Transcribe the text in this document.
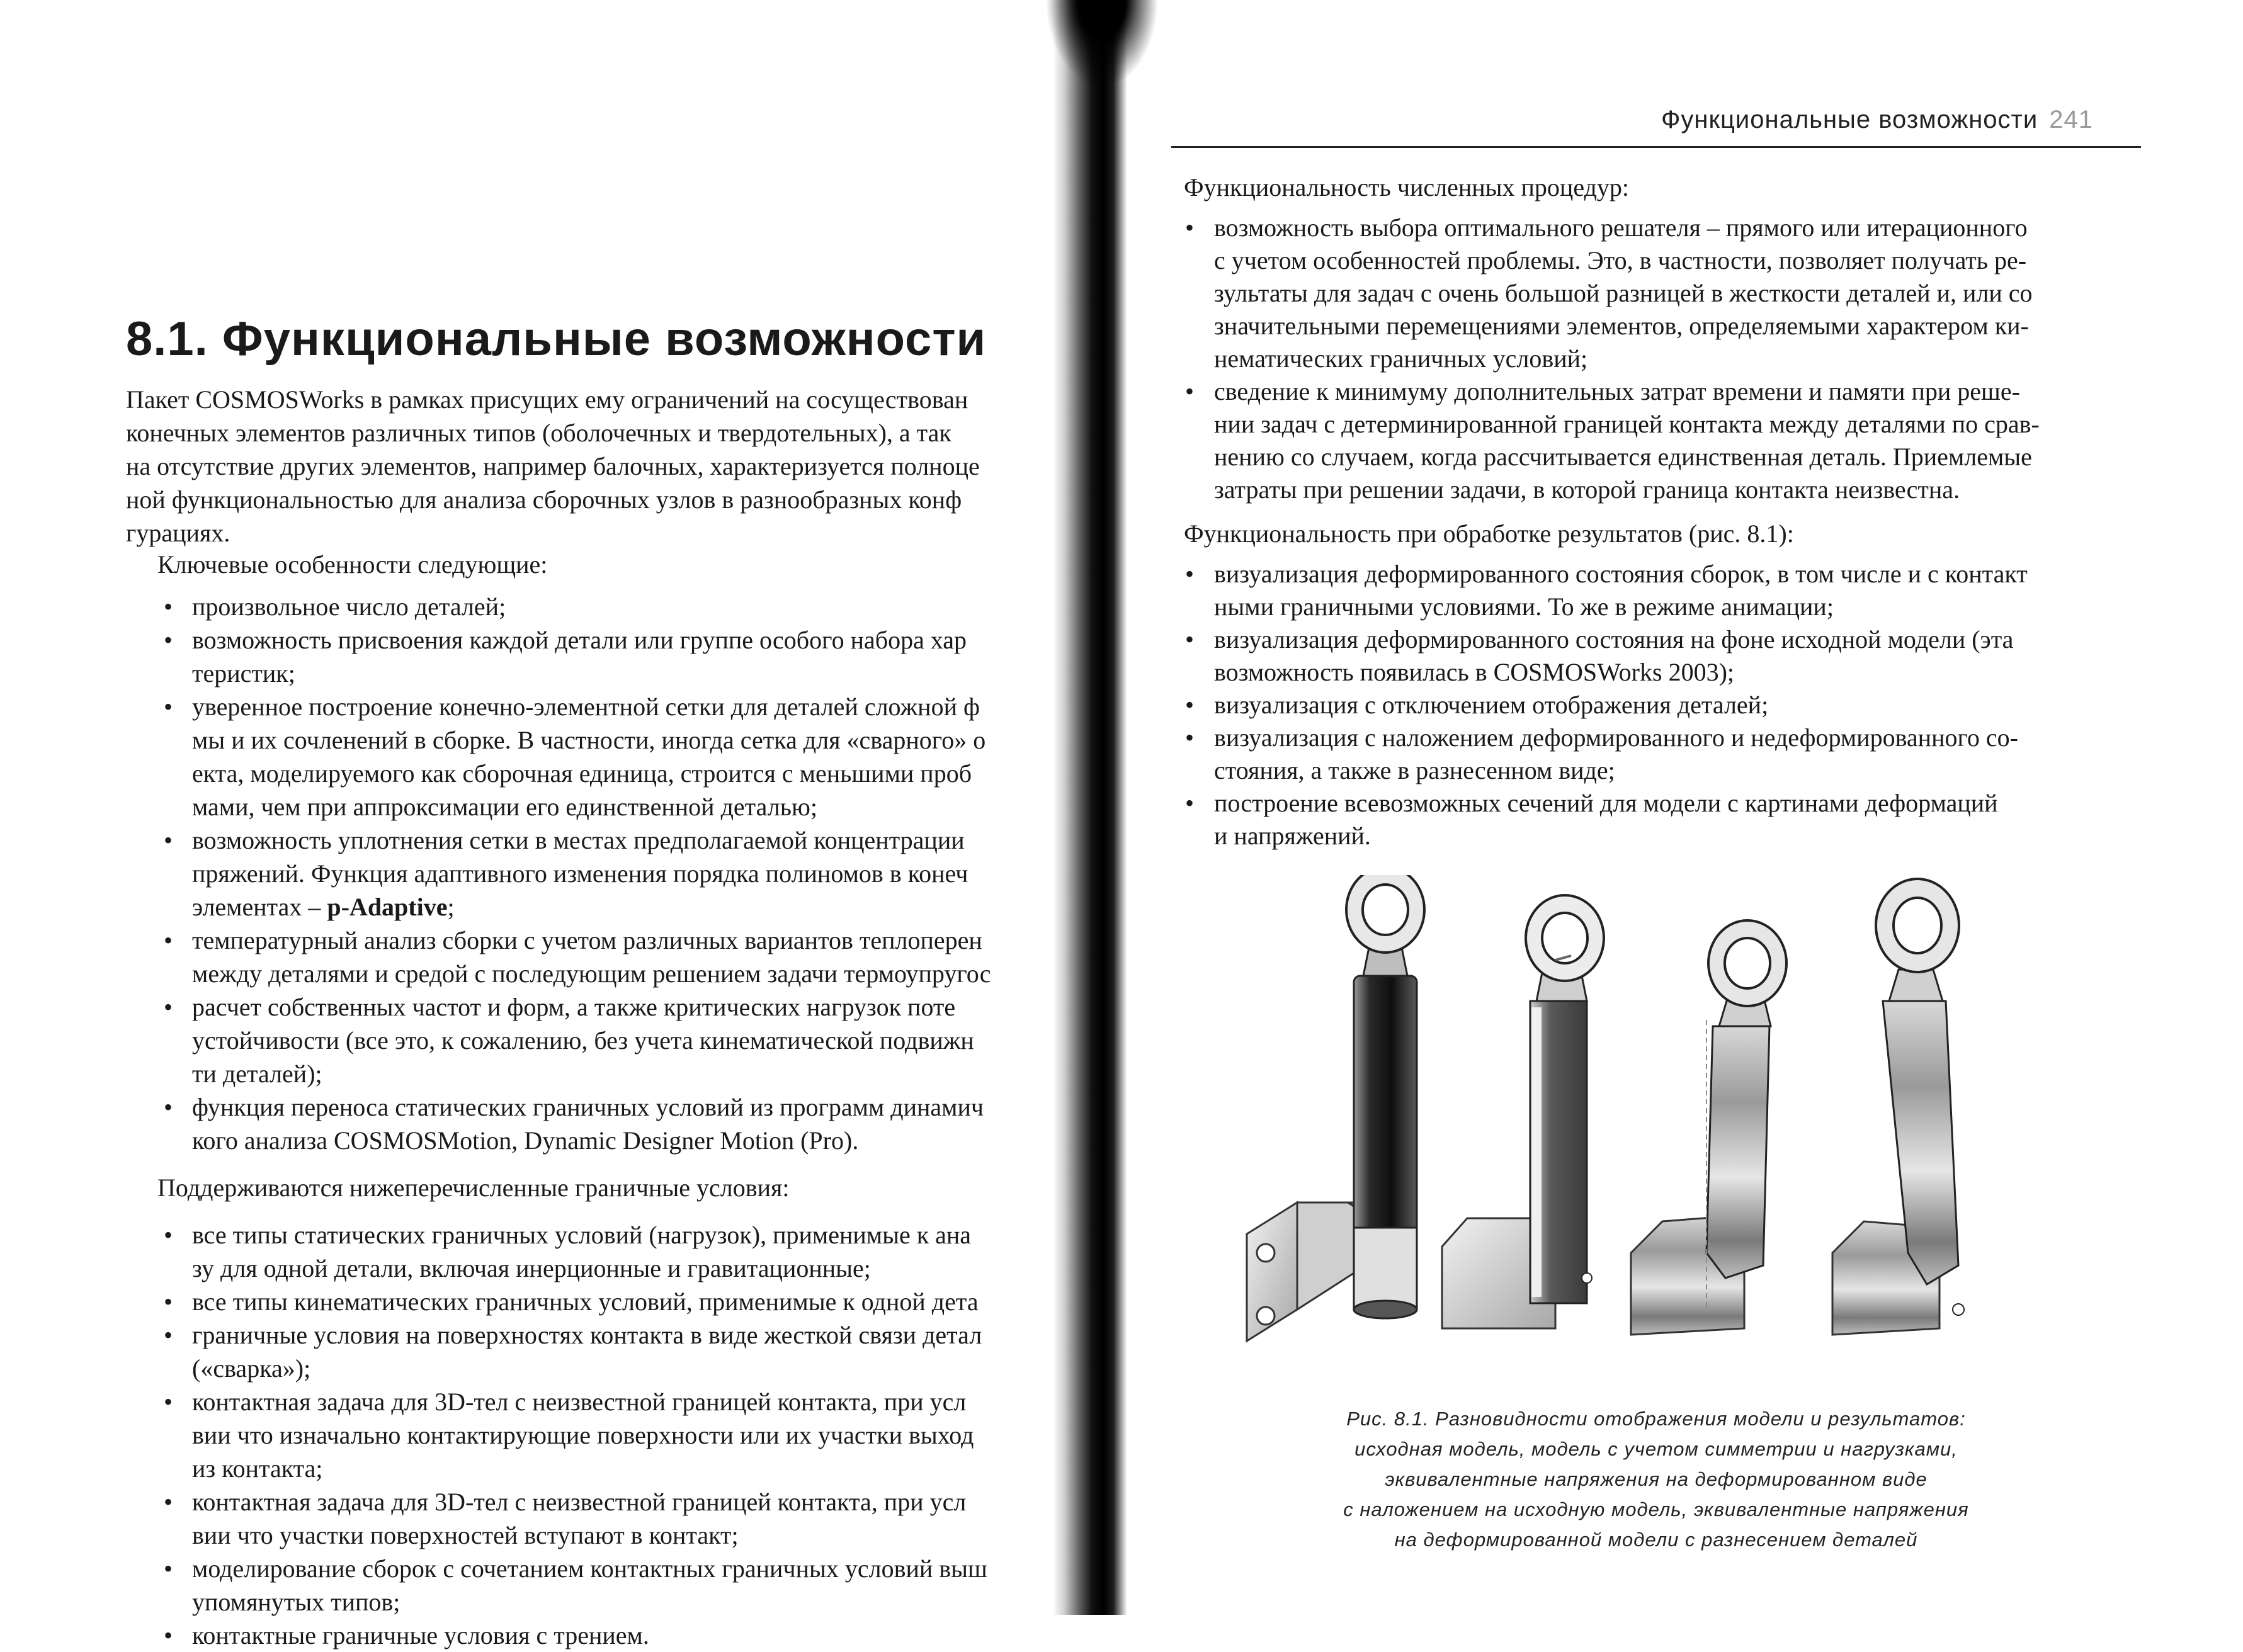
8.1. Функциональные возможности
Пакет COSMOSWorks в рамках присущих ему ограничений на сосуществован
конечных элементов различных типов (оболочечных и твердотельных), а так
на отсутствие других элементов, например балочных, характеризуется полноце
ной функциональностью для анализа сборочных узлов в разнообразных конф
гурациях.

Ключевые особенности следующие:

• произвольное число деталей;
• возможность присвоения каждой детали или группе особого набора хар
теристик;
• уверенное построение конечно-элементной сетки для деталей сложной ф
мы и их сочленений в сборке. В частности, иногда сетка для «сварного» о
екта, моделируемого как сборочная единица, строится с меньшими проб
мами, чем при аппроксимации его единственной деталью;
• возможность уплотнения сетки в местах предполагаемой концентрации
пряжений. Функция адаптивного изменения порядка полиномов в конеч
элементах – p-Adaptive;
• температурный анализ сборки с учетом различных вариантов теплоперен
между деталями и средой с последующим решением задачи термоупругос
• расчет собственных частот и форм, а также критических нагрузок поте
устойчивости (все это, к сожалению, без учета кинематической подвижн
ти деталей);
• функция переноса статических граничных условий из программ динамич
кого анализа COSMOSMotion, Dynamic Designer Motion (Pro).

Поддерживаются нижеперечисленные граничные условия:

• все типы статических граничных условий (нагрузок), применимые к ана
зу для одной детали, включая инерционные и гравитационные;
• все типы кинематических граничных условий, применимые к одной дета
• граничные условия на поверхностях контакта в виде жесткой связи детал
(«сварка»);
• контактная задача для 3D-тел с неизвестной границей контакта, при усл
вии что изначально контактирующие поверхности или их участки выход
из контакта;
• контактная задача для 3D-тел с неизвестной границей контакта, при усл
вии что участки поверхностей вступают в контакт;
• моделирование сборок с сочетанием контактных граничных условий выш
упомянутых типов;
• контактные граничные условия с трением.
Функциональные возможности 241

Функциональность численных процедур:

• возможность выбора оптимального решателя – прямого или итерационного
с учетом особенностей проблемы. Это, в частности, позволяет получать ре-
зультаты для задач с очень большой разницей в жесткости деталей и, или со
значительными перемещениями элементов, определяемыми характером ки-
нематических граничных условий;
• сведение к минимуму дополнительных затрат времени и памяти при реше-
нии задач с детерминированной границей контакта между деталями по срав-
нению со случаем, когда рассчитывается единственная деталь. Приемлемые
затраты при решении задачи, в которой граница контакта неизвестна.

Функциональность при обработке результатов (рис. 8.1):

• визуализация деформированного состояния сборок, в том числе и с контакт
ными граничными условиями. То же в режиме анимации;
• визуализация деформированного состояния на фоне исходной модели (эта
возможность появилась в COSMOSWorks 2003);
• визуализация с отключением отображения деталей;
• визуализация с наложением деформированного и недеформированного со-
стояния, а также в разнесенном виде;
• построение всевозможных сечений для модели с картинами деформаций
и напряжений.
Рис. 8.1. Разновидности отображения модели и результатов:
исходная модель, модель с учетом симметрии и нагрузками,
эквивалентные напряжения на деформированном виде
с наложением на исходную модель, эквивалентные напряжения
на деформированной модели с разнесением деталей
